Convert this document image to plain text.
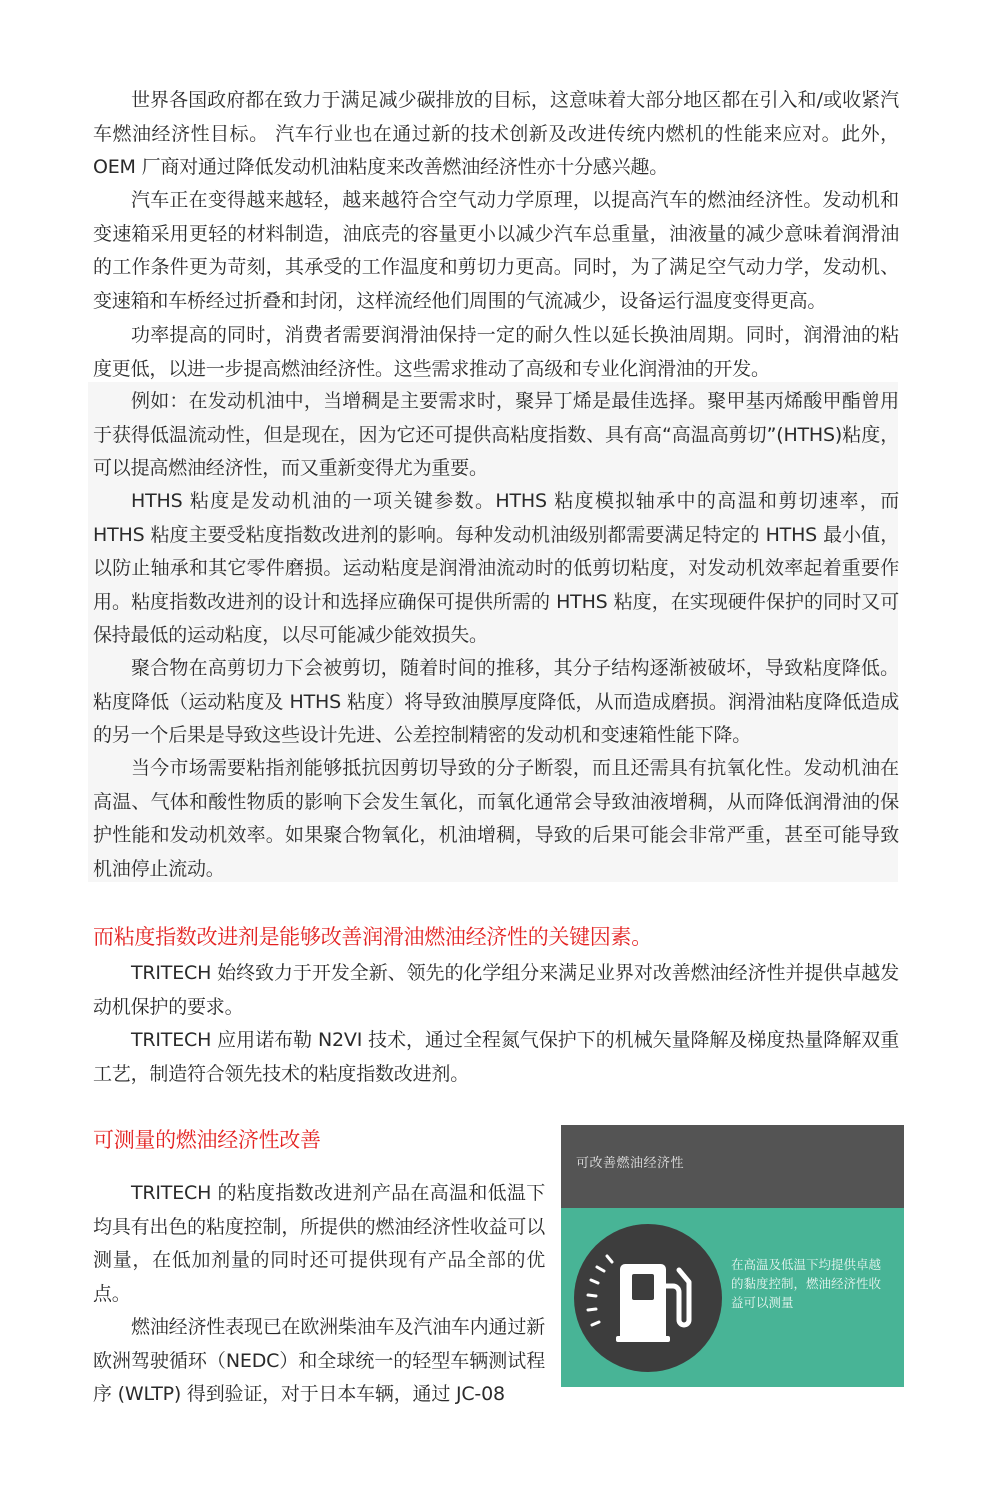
世界各国政府都在致力于满足减少碳排放的目标，这意味着大部分地区都在引入和/或收紧汽车燃油经济性目标。 汽车行业也在通过新的技术创新及改进传统内燃机的性能来应对。此外，OEM 厂商对通过降低发动机油粘度来改善燃油经济性亦十分感兴趣。

汽车正在变得越来越轻，越来越符合空气动力学原理，以提高汽车的燃油经济性。发动机和变速箱采用更轻的材料制造，油底壳的容量更小以减少汽车总重量，油液量的减少意味着润滑油的工作条件更为苛刻，其承受的工作温度和剪切力更高。同时，为了满足空气动力学，发动机、变速箱和车桥经过折叠和封闭，这样流经他们周围的气流减少，设备运行温度变得更高。

功率提高的同时，消费者需要润滑油保持一定的耐久性以延长换油周期。同时，润滑油的粘度更低，以进一步提高燃油经济性。这些需求推动了高级和专业化润滑油的开发。

例如：在发动机油中，当增稠是主要需求时，聚异丁烯是最佳选择。聚甲基丙烯酸甲酯曾用于获得低温流动性，但是现在，因为它还可提供高粘度指数、具有高“高温高剪切”(HTHS)粘度，可以提高燃油经济性，而又重新变得尤为重要。

HTHS 粘度是发动机油的一项关键参数。HTHS 粘度模拟轴承中的高温和剪切速率，而 HTHS 粘度主要受粘度指数改进剂的影响。每种发动机油级别都需要满足特定的 HTHS 最小值，以防止轴承和其它零件磨损。运动粘度是润滑油流动时的低剪切粘度，对发动机效率起着重要作用。粘度指数改进剂的设计和选择应确保可提供所需的 HTHS 粘度，在实现硬件保护的同时又可保持最低的运动粘度，以尽可能减少能效损失。

聚合物在高剪切力下会被剪切，随着时间的推移，其分子结构逐渐被破坏，导致粘度降低。粘度降低（运动粘度及 HTHS 粘度）将导致油膜厚度降低，从而造成磨损。润滑油粘度降低造成的另一个后果是导致这些设计先进、公差控制精密的发动机和变速箱性能下降。

当今市场需要粘指剂能够抵抗因剪切导致的分子断裂，而且还需具有抗氧化性。发动机油在高温、气体和酸性物质的影响下会发生氧化，而氧化通常会导致油液增稠，从而降低润滑油的保护性能和发动机效率。如果聚合物氧化，机油增稠，导致的后果可能会非常严重，甚至可能导致机油停止流动。

而粘度指数改进剂是能够改善润滑油燃油经济性的关键因素。

TRITECH 始终致力于开发全新、领先的化学组分来满足业界对改善燃油经济性并提供卓越发动机保护的要求。

TRITECH 应用诺布勒 N2VI 技术，通过全程氮气保护下的机械矢量降解及梯度热量降解双重工艺，制造符合领先技术的粘度指数改进剂。

可测量的燃油经济性改善

TRITECH 的粘度指数改进剂产品在高温和低温下均具有出色的粘度控制，所提供的燃油经济性收益可以测量，在低加剂量的同时还可提供现有产品全部的优点。

燃油经济性表现已在欧洲柴油车及汽油车内通过新欧洲驾驶循环（NEDC）和全球统一的轻型车辆测试程序 (WLTP) 得到验证，对于日本车辆，通过 JC-08

可改善燃油经济性
在高温及低温下均提供卓越的黏度控制，燃油经济性收益可以测量
